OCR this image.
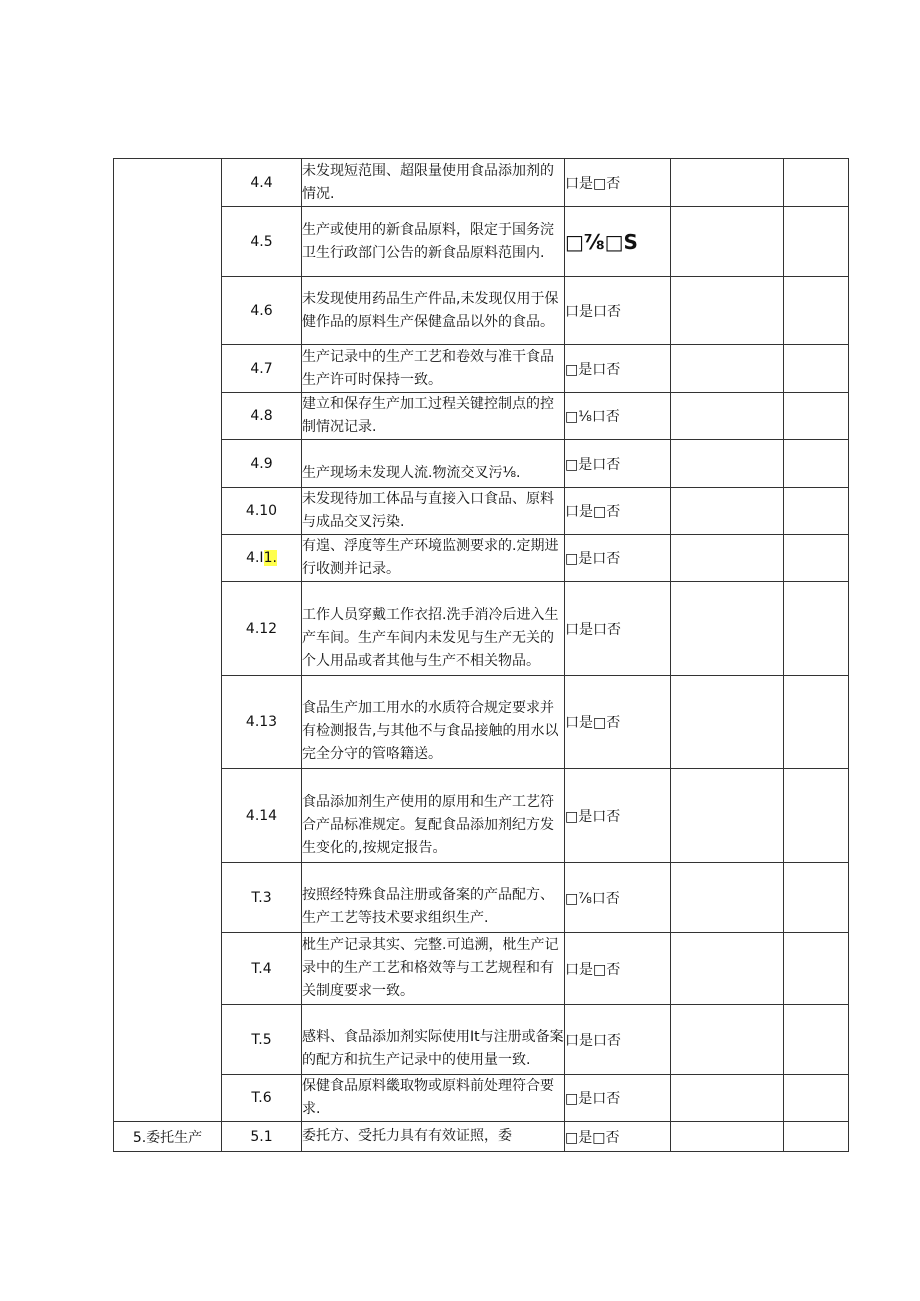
	4.4	未发现短范围、超限量使用食品添加剂的情况.	口是□否		
	4.5	生产或使用的新食品原料，限定于国务浣卫生行政部门公告的新食品原料范围内.	□⅞□S		
	4.6	未发现使用药品生产件品,未发现仅用于保健作品的原料生产保健盒品以外的食品。	口是口否		
	4.7	生产记录中的生产工艺和卷效与准干食品生产许可时保持一致。	□是口否		
	4.8	建立和保存生产加工过程关键控制点的控制情况记录.	□⅛口否		
	4.9	生产现场未发现人流.物流交叉污⅛.	□是口否		
	4.10	未发现待加工体品与直接入口食品、原料与成品交叉污染.	口是□否		
	4.I1.	有遑、浮度等生产环境监测要求的.定期进行收测并记录。	□是口否		
	4.12	工作人员穿戴工作衣招.洗手消冷后进入生产车间。生产车间内未发见与生产无关的个人用品或者其他与生产不相关物品。	口是口否		
	4.13	食品生产加工用水的水质符合规定要求并有检测报告,与其他不与食品接触的用水以完全分守的管咯籍送。	口是□否		
	4.14	食品添加剂生产使用的原用和生产工艺符合产品标准规定。复配食品添加剂纪方发生变化的,按规定报告。	□是口否		
	T.3	按照经特殊食品注册或备案的产品配方、生产工艺等技术要求组织生产.	□⅞口否		
	T.4	枇生产记录其实、完整.可追溯，枇生产记录中的生产工艺和格效等与工艺规程和有关制度要求一致。	口是□否		
	T.5	感料、食品添加剂实际使用It与注册或备案的配方和抗生产记录中的使用量一致.	口是口否		
	T.6	保健食品原料畿取物或原料前处理符合要求.	□是口否		
5.委托生产	5.1	委托方、受托力具有有效证照，委	□是□否		
